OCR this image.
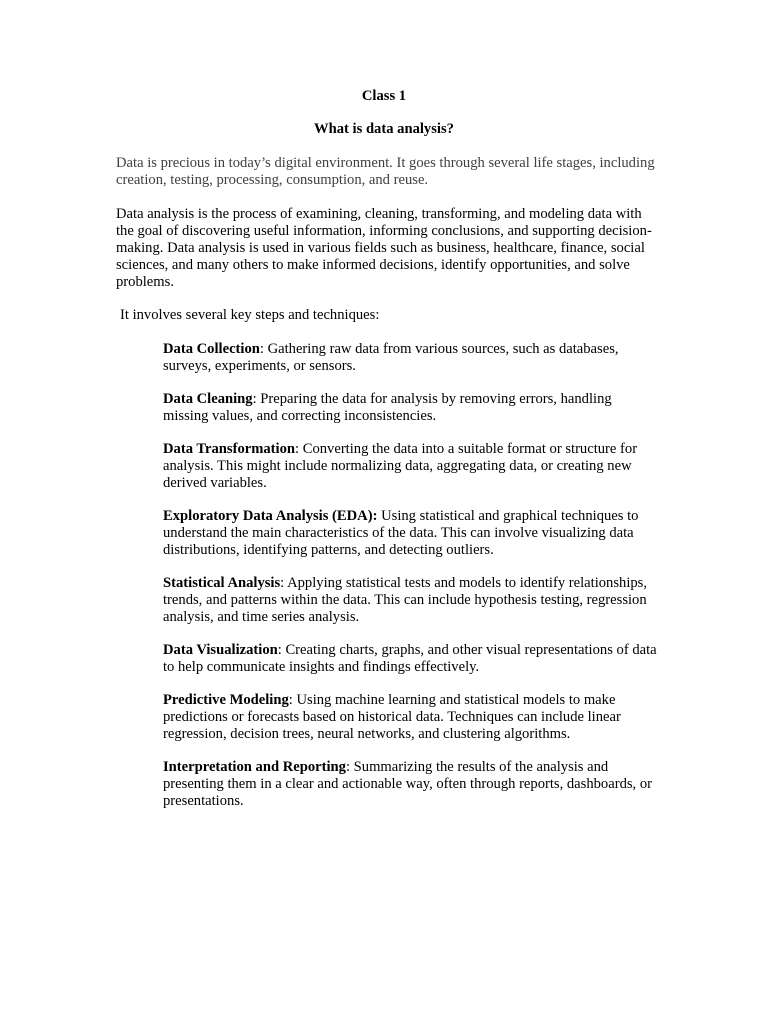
Class 1

What is data analysis?

Data is precious in today’s digital environment. It goes through several life stages, including creation, testing, processing, consumption, and reuse.

Data analysis is the process of examining, cleaning, transforming, and modeling data with the goal of discovering useful information, informing conclusions, and supporting decision-making. Data analysis is used in various fields such as business, healthcare, finance, social sciences, and many others to make informed decisions, identify opportunities, and solve problems.

It involves several key steps and techniques:

Data Collection: Gathering raw data from various sources, such as databases, surveys, experiments, or sensors.
Data Cleaning: Preparing the data for analysis by removing errors, handling missing values, and correcting inconsistencies.
Data Transformation: Converting the data into a suitable format or structure for analysis. This might include normalizing data, aggregating data, or creating new derived variables.
Exploratory Data Analysis (EDA): Using statistical and graphical techniques to understand the main characteristics of the data. This can involve visualizing data distributions, identifying patterns, and detecting outliers.
Statistical Analysis: Applying statistical tests and models to identify relationships, trends, and patterns within the data. This can include hypothesis testing, regression analysis, and time series analysis.
Data Visualization: Creating charts, graphs, and other visual representations of data to help communicate insights and findings effectively.
Predictive Modeling: Using machine learning and statistical models to make predictions or forecasts based on historical data. Techniques can include linear regression, decision trees, neural networks, and clustering algorithms.
Interpretation and Reporting: Summarizing the results of the analysis and presenting them in a clear and actionable way, often through reports, dashboards, or presentations.
